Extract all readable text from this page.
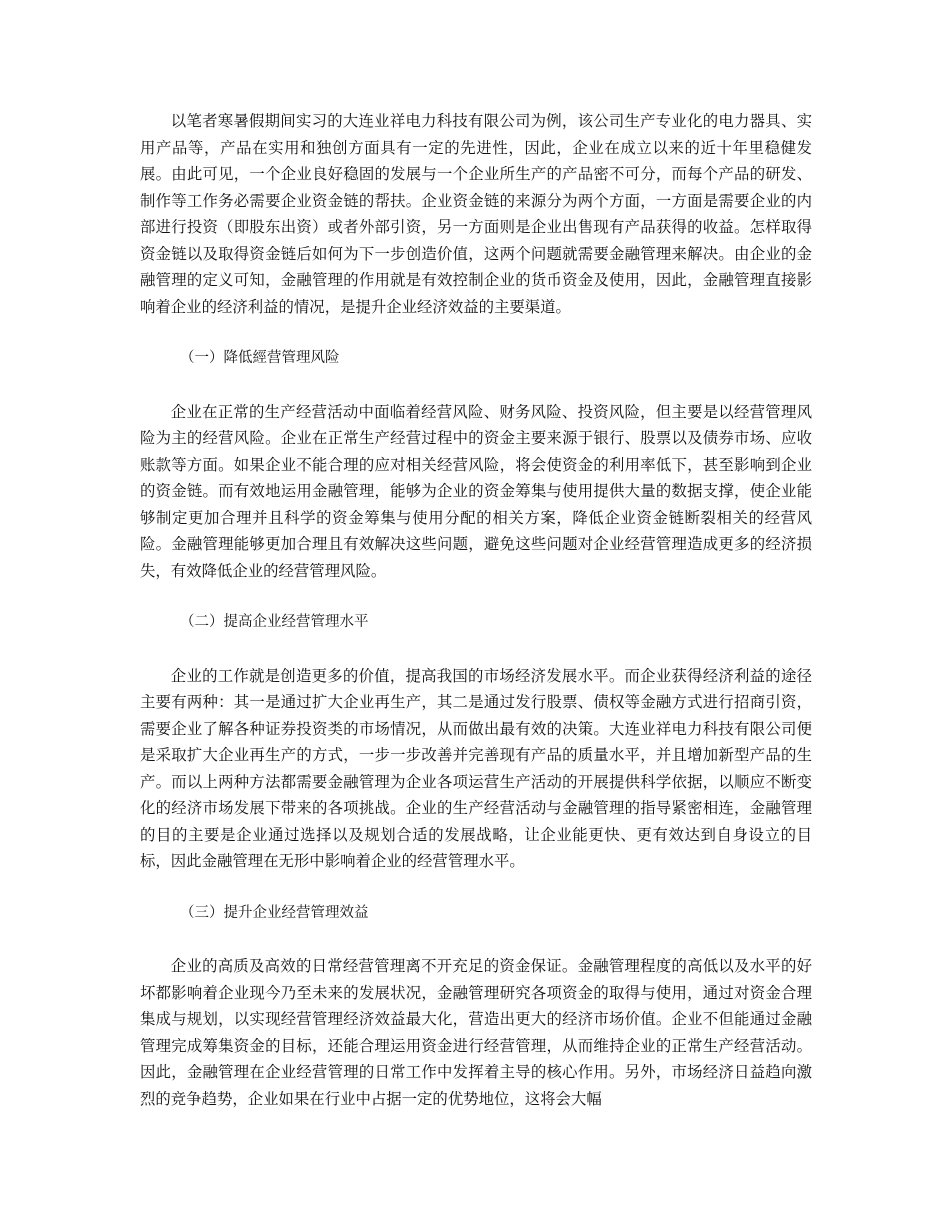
以笔者寒暑假期间实习的大连业祥电力科技有限公司为例，该公司生产专业化的电力器具、实用产品等，产品在实用和独创方面具有一定的先进性，因此，企业在成立以来的近十年里稳健发展。由此可见，一个企业良好稳固的发展与一个企业所生产的产品密不可分，而每个产品的研发、制作等工作务必需要企业资金链的帮扶。企业资金链的来源分为两个方面，一方面是需要企业的内部进行投资（即股东出资）或者外部引资，另一方面则是企业出售现有产品获得的收益。怎样取得资金链以及取得资金链后如何为下一步创造价值，这两个问题就需要金融管理来解决。由企业的金融管理的定义可知，金融管理的作用就是有效控制企业的货币资金及使用，因此，金融管理直接影响着企业的经济利益的情况，是提升企业经济效益的主要渠道。

（一）降低經营管理风险

企业在正常的生产经营活动中面临着经营风险、财务风险、投资风险，但主要是以经营管理风险为主的经营风险。企业在正常生产经营过程中的资金主要来源于银行、股票以及债券市场、应收账款等方面。如果企业不能合理的应对相关经营风险，将会使资金的利用率低下，甚至影响到企业的资金链。而有效地运用金融管理，能够为企业的资金筹集与使用提供大量的数据支撑，使企业能够制定更加合理并且科学的资金筹集与使用分配的相关方案，降低企业资金链断裂相关的经营风险。金融管理能够更加合理且有效解决这些问题，避免这些问题对企业经营管理造成更多的经济损失，有效降低企业的经营管理风险。

（二）提高企业经营管理水平

企业的工作就是创造更多的价值，提高我国的市场经济发展水平。而企业获得经济利益的途径主要有两种：其一是通过扩大企业再生产，其二是通过发行股票、债权等金融方式进行招商引资，需要企业了解各种证券投资类的市场情况，从而做出最有效的决策。大连业祥电力科技有限公司便是采取扩大企业再生产的方式，一步一步改善并完善现有产品的质量水平，并且增加新型产品的生产。而以上两种方法都需要金融管理为企业各项运营生产活动的开展提供科学依据，以顺应不断变化的经济市场发展下带来的各项挑战。企业的生产经营活动与金融管理的指导紧密相连，金融管理的目的主要是企业通过选择以及规划合适的发展战略，让企业能更快、更有效达到自身设立的目标，因此金融管理在无形中影响着企业的经营管理水平。

（三）提升企业经营管理效益

企业的高质及高效的日常经营管理离不开充足的资金保证。金融管理程度的高低以及水平的好坏都影响着企业现今乃至未来的发展状况，金融管理研究各项资金的取得与使用，通过对资金合理集成与规划，以实现经营管理经济效益最大化，营造出更大的经济市场价值。企业不但能通过金融管理完成筹集资金的目标，还能合理运用资金进行经营管理，从而维持企业的正常生产经营活动。因此，金融管理在企业经营管理的日常工作中发挥着主导的核心作用。另外，市场经济日益趋向激烈的竞争趋势，企业如果在行业中占据一定的优势地位，这将会大幅
